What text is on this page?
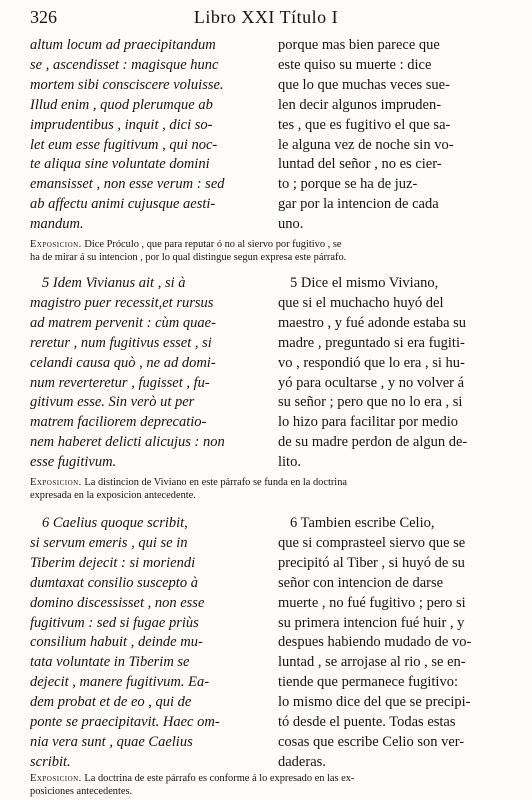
326	Libro XXI Título I
altum locum ad praecipitandum
se , ascendisset : magisque hunc
mortem sibi consciscere voluisse.
Illud enim , quod plerumque ab
imprudentibus , inquit , dici so-
let eum esse fugitivum , qui noc-
te aliqua sine voluntate domini
emansisset , non esse verum : sed
ab affectu animi cujusque aesti-
mandum.
porque mas bien parece que
este quiso su muerte : dice
que lo que muchas veces sue-
len decir algunos impruden-
tes , que es fugitivo el que sa-
le alguna vez de noche sin vo-
luntad del señor , no es cier-
to ; porque se ha de juz-
gar por la intencion de cada
uno.
Exposicion. Dice Próculo , que para reputar ó no al siervo por fugitivo , se
ha de mirar á su intencion , por lo qual distingue segun expresa este párrafo.
5 Idem Vivianus ait , si à
magistro puer recessit,et rursus
ad matrem pervenit : cùm quae-
reretur , num fugitivus esset , si
celandi causa quò , ne ad domi-
num reverteretur , fugisset , fu-
gitivum esse. Sin verò ut per
matrem faciliorem deprecatio-
nem haberet delicti alicujus : non
esse fugitivum.
5 Dice el mismo Viviano,
que si el muchacho huyó del
maestro , y fué adonde estaba su
madre , preguntado si era fugiti-
vo , respondió que lo era , si hu-
yó para ocultarse , y no volver á
su señor ; pero que no lo era , si
lo hizo para facilitar por medio
de su madre perdon de algun de-
lito.
Exposicion. La distincion de Viviano en este párrafo se funda en la doctrina
expresada en la exposicion antecedente.
6 Caelius quoque scribit,
si servum emeris , qui se in
Tiberim dejecit : si moriendi
dumtaxat consilio suscepto à
domino discessisset , non esse
fugitivum : sed si fugae priùs
consilium habuit , deinde mu-
tata voluntate in Tiberim se
dejecit , manere fugitivum. Ea-
dem probat et de eo , qui de
ponte se praecipitavit. Haec om-
nia vera sunt , quae Caelius
scribit.
6 Tambien escribe Celio,
que si comprasteel siervo que se
precipitó al Tiber , si huyó de su
señor con intencion de darse
muerte , no fué fugitivo ; pero si
su primera intencion fué huir , y
despues habiendo mudado de vo-
luntad , se arrojase al rio , se en-
tiende que permanece fugitivo:
lo mismo dice del que se precipi-
tó desde el puente. Todas estas
cosas que escribe Celio son ver-
daderas.
Exposicion. La doctrina de este párrafo es conforme á lo expresado en las ex-
posiciones antecedentes.
